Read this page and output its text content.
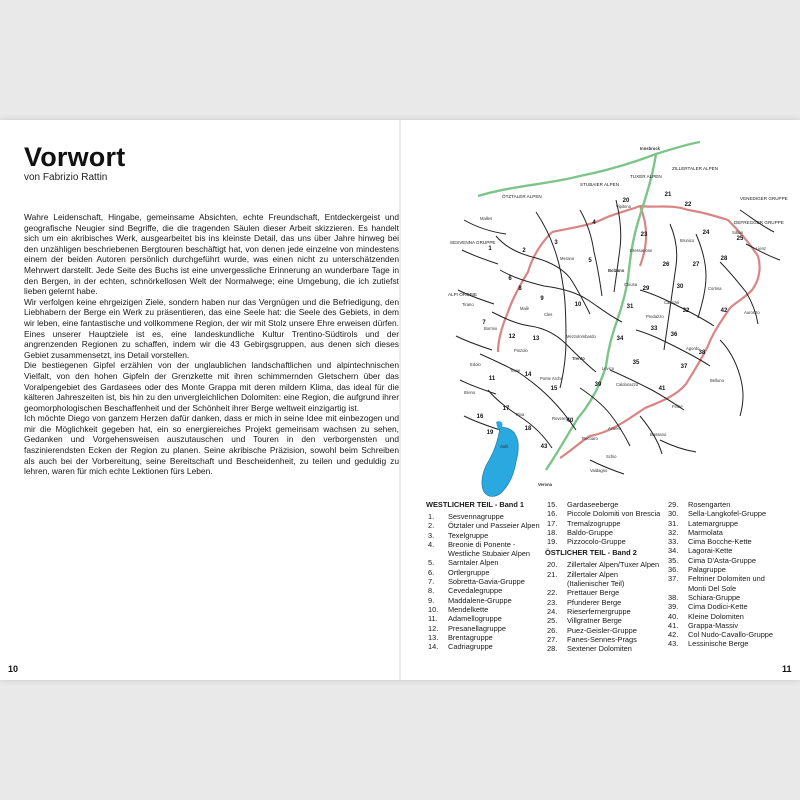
Vorwort
von Fabrizio Rattin

Wahre Leidenschaft, Hingabe, gemeinsame Absichten, echte Freundschaft, Entdeckergeist und geografische Neugier sind Begriffe, die die tragenden Säulen dieser Arbeit skizzieren. Es handelt sich um ein akribisches Werk, ausgearbeitet bis ins kleinste Detail, das uns über Jahre hinweg bei den unzähligen beschriebenen Bergtouren beschäftigt hat, von denen jede einzelne von mindestens einem der beiden Autoren persönlich durchgeführt wurde, was einen nicht zu unterschätzenden Mehrwert darstellt. Jede Seite des Buchs ist eine unvergessliche Erinnerung an wunderbare Tage in den Bergen, in der echten, schnörkellosen Welt der Normalwege; eine Umgebung, die ich zutiefst lieben gelernt habe.

Wir verfolgen keine ehrgeizigen Ziele, sondern haben nur das Vergnügen und die Befriedigung, den Liebhabern der Berge ein Werk zu präsentieren, das eine Seele hat: die Seele des Gebiets, in dem wir leben, eine fantastische und vollkommene Region, der wir mit Stolz unsere Ehre erweisen dürfen. Eines unserer Hauptziele ist es, eine landeskundliche Kultur Trentino-Südtirols und der angrenzenden Regionen zu schaffen, indem wir die 43 Gebirgsgruppen, aus denen sich dieses Gebiet zusammensetzt, ins Detail vorstellen.

Die bestiegenen Gipfel erzählen von der unglaublichen landschaftlichen und alpintechnischen Vielfalt, von den hohen Gipfeln der Grenzkette mit ihren schimmernden Gletschern über das Voralpengebiet des Gardasees oder des Monte Grappa mit deren mildern Klima, das ideal für die kälteren Jahreszeiten ist, bis hin zu den unvergleichlichen Dolomiten: eine Region, die aufgrund ihrer geomorphologischen Beschaffenheit und der Schönheit ihrer Berge weltweit einzigartig ist.

Ich möchte Diego von ganzem Herzen dafür danken, dass er mich in seine Idee mit einbezogen und mir die Möglichkeit gegeben hat, ein so energiereiches Projekt gemeinsam wachsen zu sehen, Gedanken und Vorgehensweisen auszutauschen und Touren in den verborgensten und faszinierendsten Ecken der Region zu planen. Seine akribische Präzision, sowohl beim Schreiben als auch bei der Vorbereitung, seine Bereitschaft und Bescheidenheit, zu teilen und geduldig zu lehren, waren für mich echte Lektionen fürs Leben.

10
ZILLERTALER ALPEN
TUXER ALPEN
STUBAIER ALPEN
ÖTZTALER ALPEN	VENEDIGER GRUPPE
DEFREGGER GRUPPE
SESVENNA GRUPPE
ALPI OROBIE
Innsbruck
Bolzano
Trento
Verona
Bressanone
Brunico
Merano
Bormio
Belluno
Feltre
Bassano
Rovereto
Riva
Cortina
Lienz
Auronzo
Agordo
Predazzo
Canazei
Vipiteno
Malles
Chiusa
Cles
Malè
Tione
Pinzolo
Arsiero
Schio
Recoaro
Ponte Arche
Mezzolombardo
Levico
Valdagno
Edolo
Tirano
Breno
Salò
Caldonazzo
Sillian
1	2
3
4
5
6
7
8
9
10
11
12	13
14
15
16
17
18
19
20
21
22
23	24
25
26	27
28
29	30
31
32
33
34
35
36
37
38
39
40
41
42
43
WESTLICHER TEIL - Band 1
1.	Sesvennagruppe
2.	Ötztaler und Passeier Alpen
3.	Texelgruppe
4.	Breonie di Ponente -
Westliche Stubaier Alpen
5.	Sarntaler Alpen
6.	Ortlergruppe
7.	Sobretta-Gavia-Gruppe
8.	Cevedalegruppe
9.	Maddalene-Gruppe
10.	Mendelkette
11.	Adamellogruppe
12.	Presanellagruppe
13.	Brentagruppe
14.	Cadriagruppe
15.	Gardaseeberge
16.	Piccole Dolomiti von Brescia
17.	Tremalzogruppe
18.	Baldo-Gruppe
19.	Pizzocolo-Gruppe
ÖSTLICHER TEIL - Band 2
20.	Zillertaler Alpen/Tuxer Alpen
21.	Zillertaler Alpen
(Italienischer Teil)
22.	Prettauer Berge
23.	Pfunderer Berge
24.	Rieserfernergruppe
25.	Villgratner Berge
26.	Puez-Geisler-Gruppe
27.	Fanes-Sennes-Prags
28.	Sextener Dolomiten
29.	Rosengarten
30.	Sella-Langkofel-Gruppe
31.	Latemargruppe
32.	Marmolata
33.	Cima Bocche-Kette
34.	Lagorai-Kette
35.	Cima D'Asta-Gruppe
36.	Palagruppe
37.	Feltriner Dolomiten und
Monti Del Sole
38.	Schiara-Gruppe
39.	Cima Dodici-Kette
40.	Kleine Dolomiten
41.	Grappa-Massiv
42.	Col Nudo-Cavallo-Gruppe
43.	Lessinische Berge
11
